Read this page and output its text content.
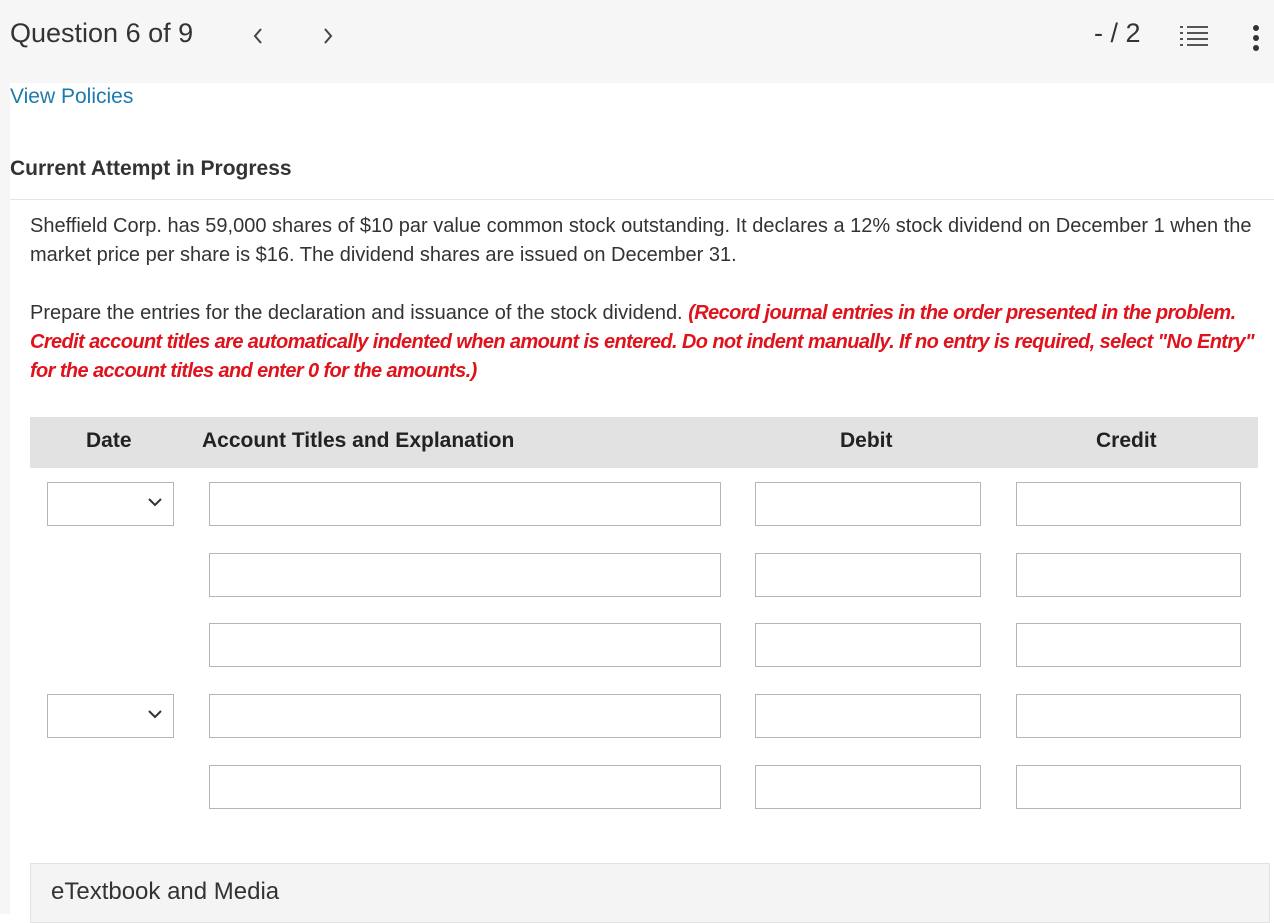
Question 6 of 9	- / 2
View Policies
Current Attempt in Progress
Sheffield Corp. has 59,000 shares of $10 par value common stock outstanding. It declares a 12% stock dividend on December 1 when the market price per share is $16. The dividend shares are issued on December 31.
Prepare the entries for the declaration and issuance of the stock dividend. (Record journal entries in the order presented in the problem. Credit account titles are automatically indented when amount is entered. Do not indent manually. If no entry is required, select "No Entry" for the account titles and enter 0 for the amounts.)
Date	Account Titles and Explanation	Debit	Credit
eTextbook and Media
